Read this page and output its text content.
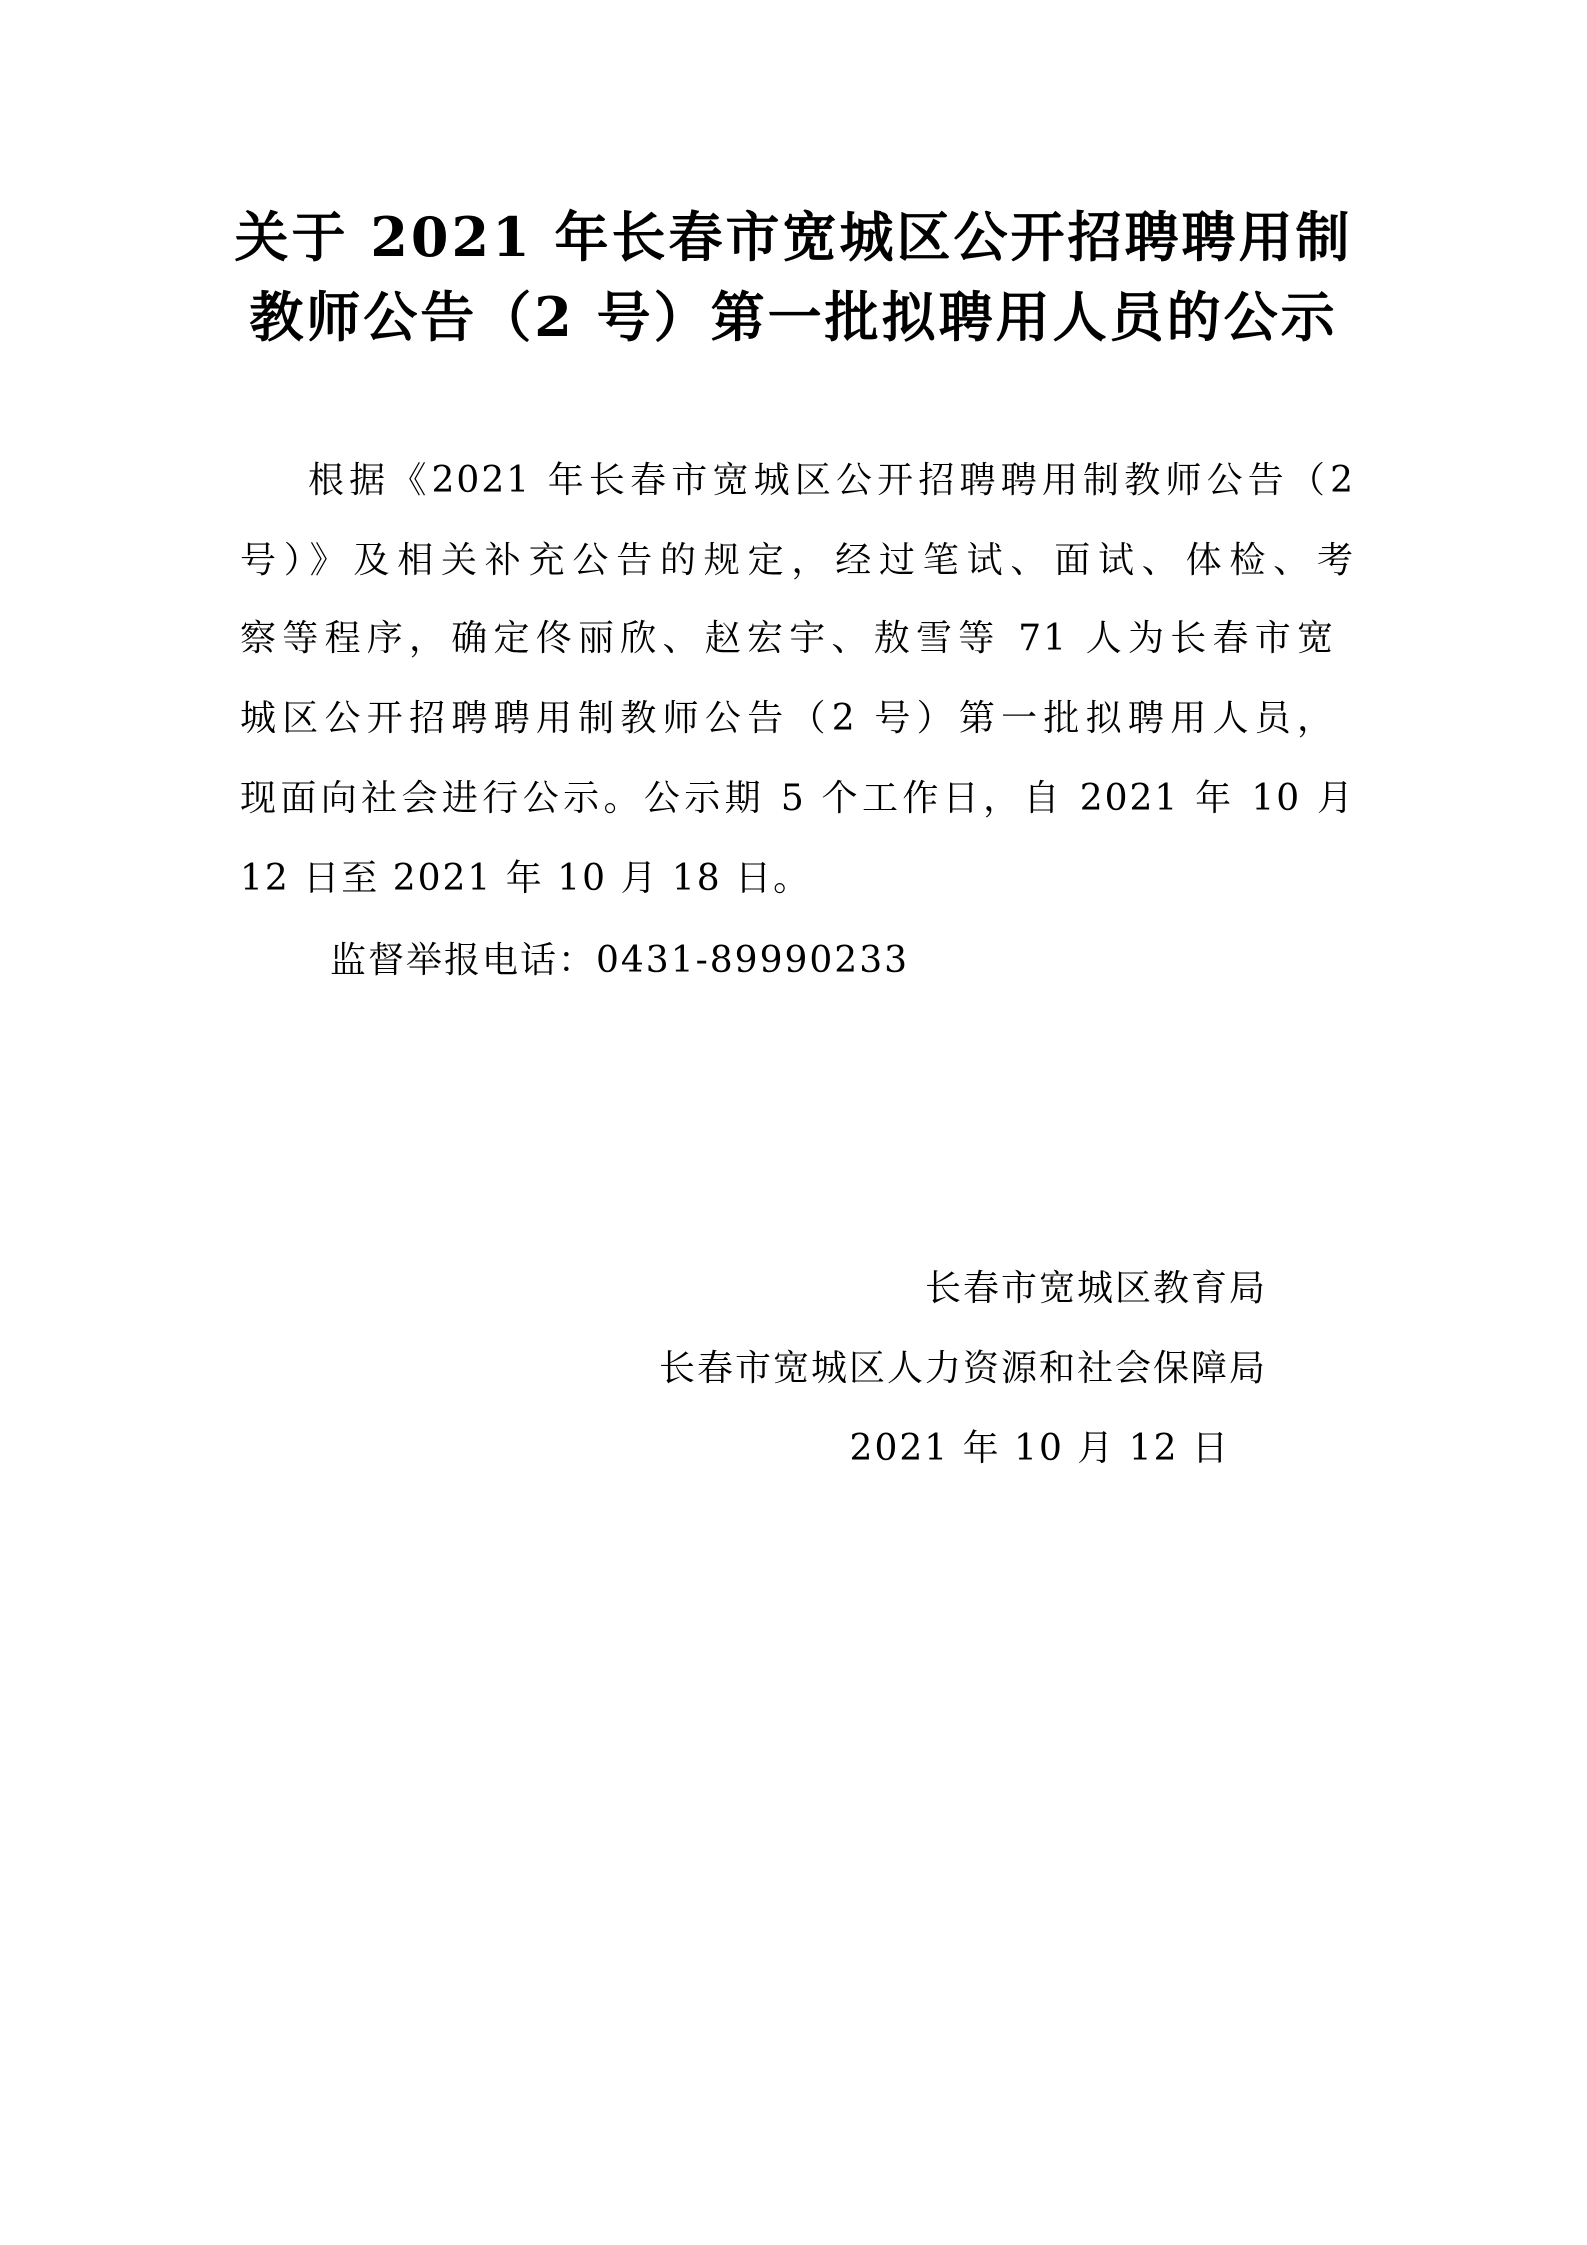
关于 2021 年长春市宽城区公开招聘聘用制
教师公告（2 号）第一批拟聘用人员的公示

根据《2021 年长春市宽城区公开招聘聘用制教师公告（2

号）》及相关补充公告的规定，经过笔试、面试、体检、考

察等程序，确定佟丽欣、赵宏宇、敖雪等 71 人为长春市宽

城区公开招聘聘用制教师公告（2 号）第一批拟聘用人员，

现面向社会进行公示。公示期 5 个工作日，自 2021 年 10 月

12 日至 2021 年 10 月 18 日。

监督举报电话：0431-89990233

长春市宽城区教育局

长春市宽城区人力资源和社会保障局

2021 年 10 月 12 日
